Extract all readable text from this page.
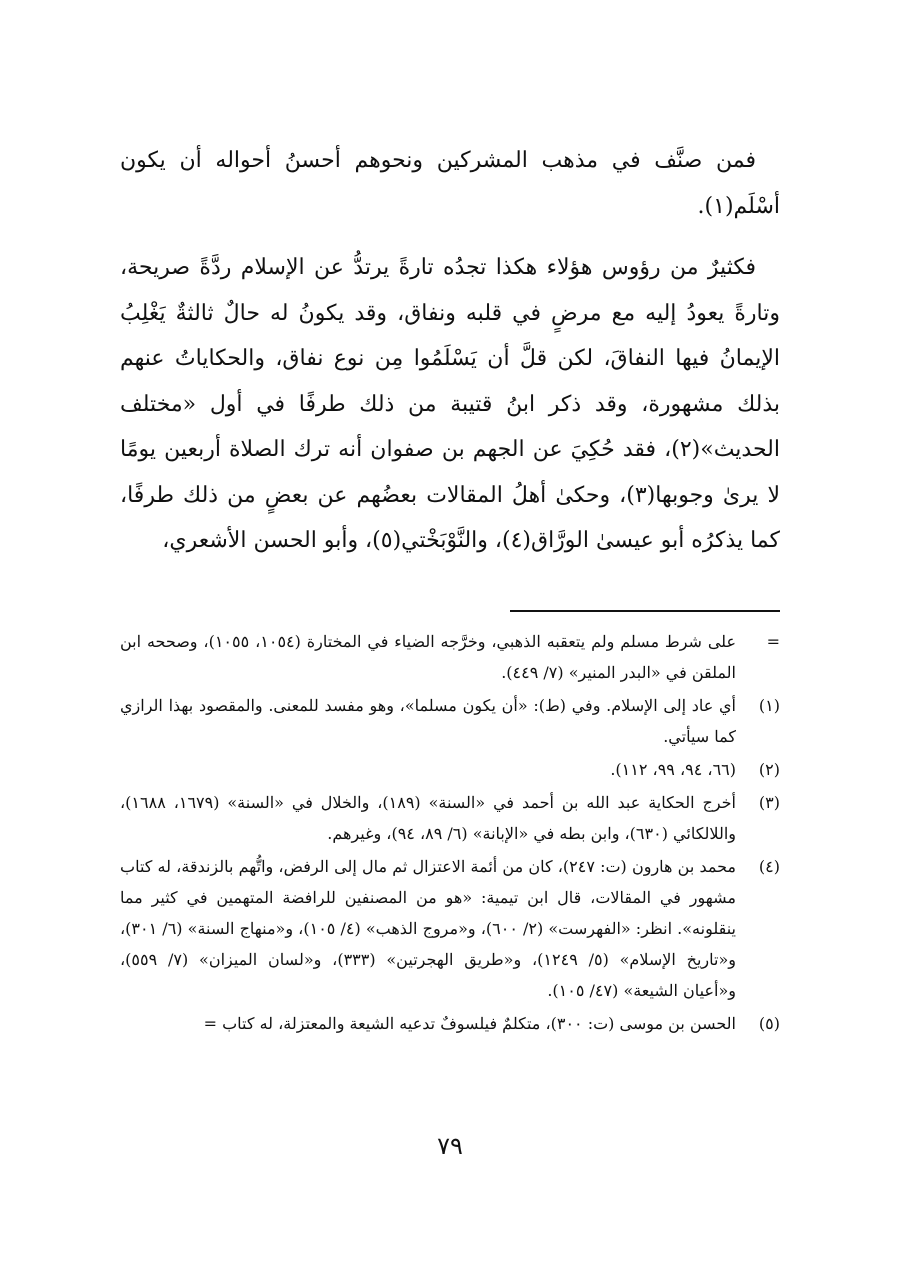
فمن صنَّف في مذهب المشركين ونحوهم أحسنُ أحواله أن يكون أسْلَم(١).

فكثيرٌ من رؤوس هؤلاء هكذا تجدُه تارةً يرتدُّ عن الإسلام ردَّةً صريحة، وتارةً يعودُ إليه مع مرضٍ في قلبه ونفاق، وقد يكونُ له حالٌ ثالثةٌ يَغْلِبُ الإيمانُ فيها النفاقَ، لكن قلَّ أن يَسْلَمُوا مِن نوع نفاق، والحكاياتُ عنهم بذلك مشهورة، وقد ذكر ابنُ قتيبة من ذلك طرفًا في أول «مختلف الحديث»(٢)، فقد حُكِيَ عن الجهم بن صفوان أنه ترك الصلاة أربعين يومًا لا يرىٰ وجوبها(٣)، وحكىٰ أهلُ المقالات بعضُهم عن بعضٍ من ذلك طرفًا، كما يذكرُه أبو عيسىٰ الورَّاق(٤)، والنَّوْبَخْتي(٥)، وأبو الحسن الأشعري،

=
على شرط مسلم ولم يتعقبه الذهبي، وخرَّجه الضياء في المختارة (١٠٥٤، ١٠٥٥)، وصححه ابن الملقن في «البدر المنير» (٧/ ٤٤٩).
(١)
أي عاد إلى الإسلام. وفي (ط): «أن يكون مسلما»، وهو مفسد للمعنى. والمقصود بهذا الرازي كما سيأتي.
(٢)
(٦٦، ٩٤، ٩٩، ١١٢).
(٣)
أخرج الحكاية عبد الله بن أحمد في «السنة» (١٨٩)، والخلال في «السنة» (١٦٧٩، ١٦٨٨)، واللالكائي (٦٣٠)، وابن بطه في «الإبانة» (٦/ ٨٩، ٩٤)، وغيرهم.
(٤)
محمد بن هارون (ت: ٢٤٧)، كان من أئمة الاعتزال ثم مال إلى الرفض، واتُّهم بالزندقة، له كتاب مشهور في المقالات، قال ابن تيمية: «هو من المصنفين للرافضة المتهمين في كثير مما ينقلونه». انظر: «الفهرست» (٢/ ٦٠٠)، و«مروج الذهب» (٤/ ١٠٥)، و«منهاج السنة» (٦/ ٣٠١)، و«تاريخ الإسلام» (٥/ ١٢٤٩)، و«طريق الهجرتين» (٣٣٣)، و«لسان الميزان» (٧/ ٥٥٩)، و«أعيان الشيعة» (٤٧/ ١٠٥).
(٥)
الحسن بن موسى (ت: ٣٠٠)، متكلمٌ فيلسوفٌ تدعيه الشيعة والمعتزلة، له كتاب =
٧٩
